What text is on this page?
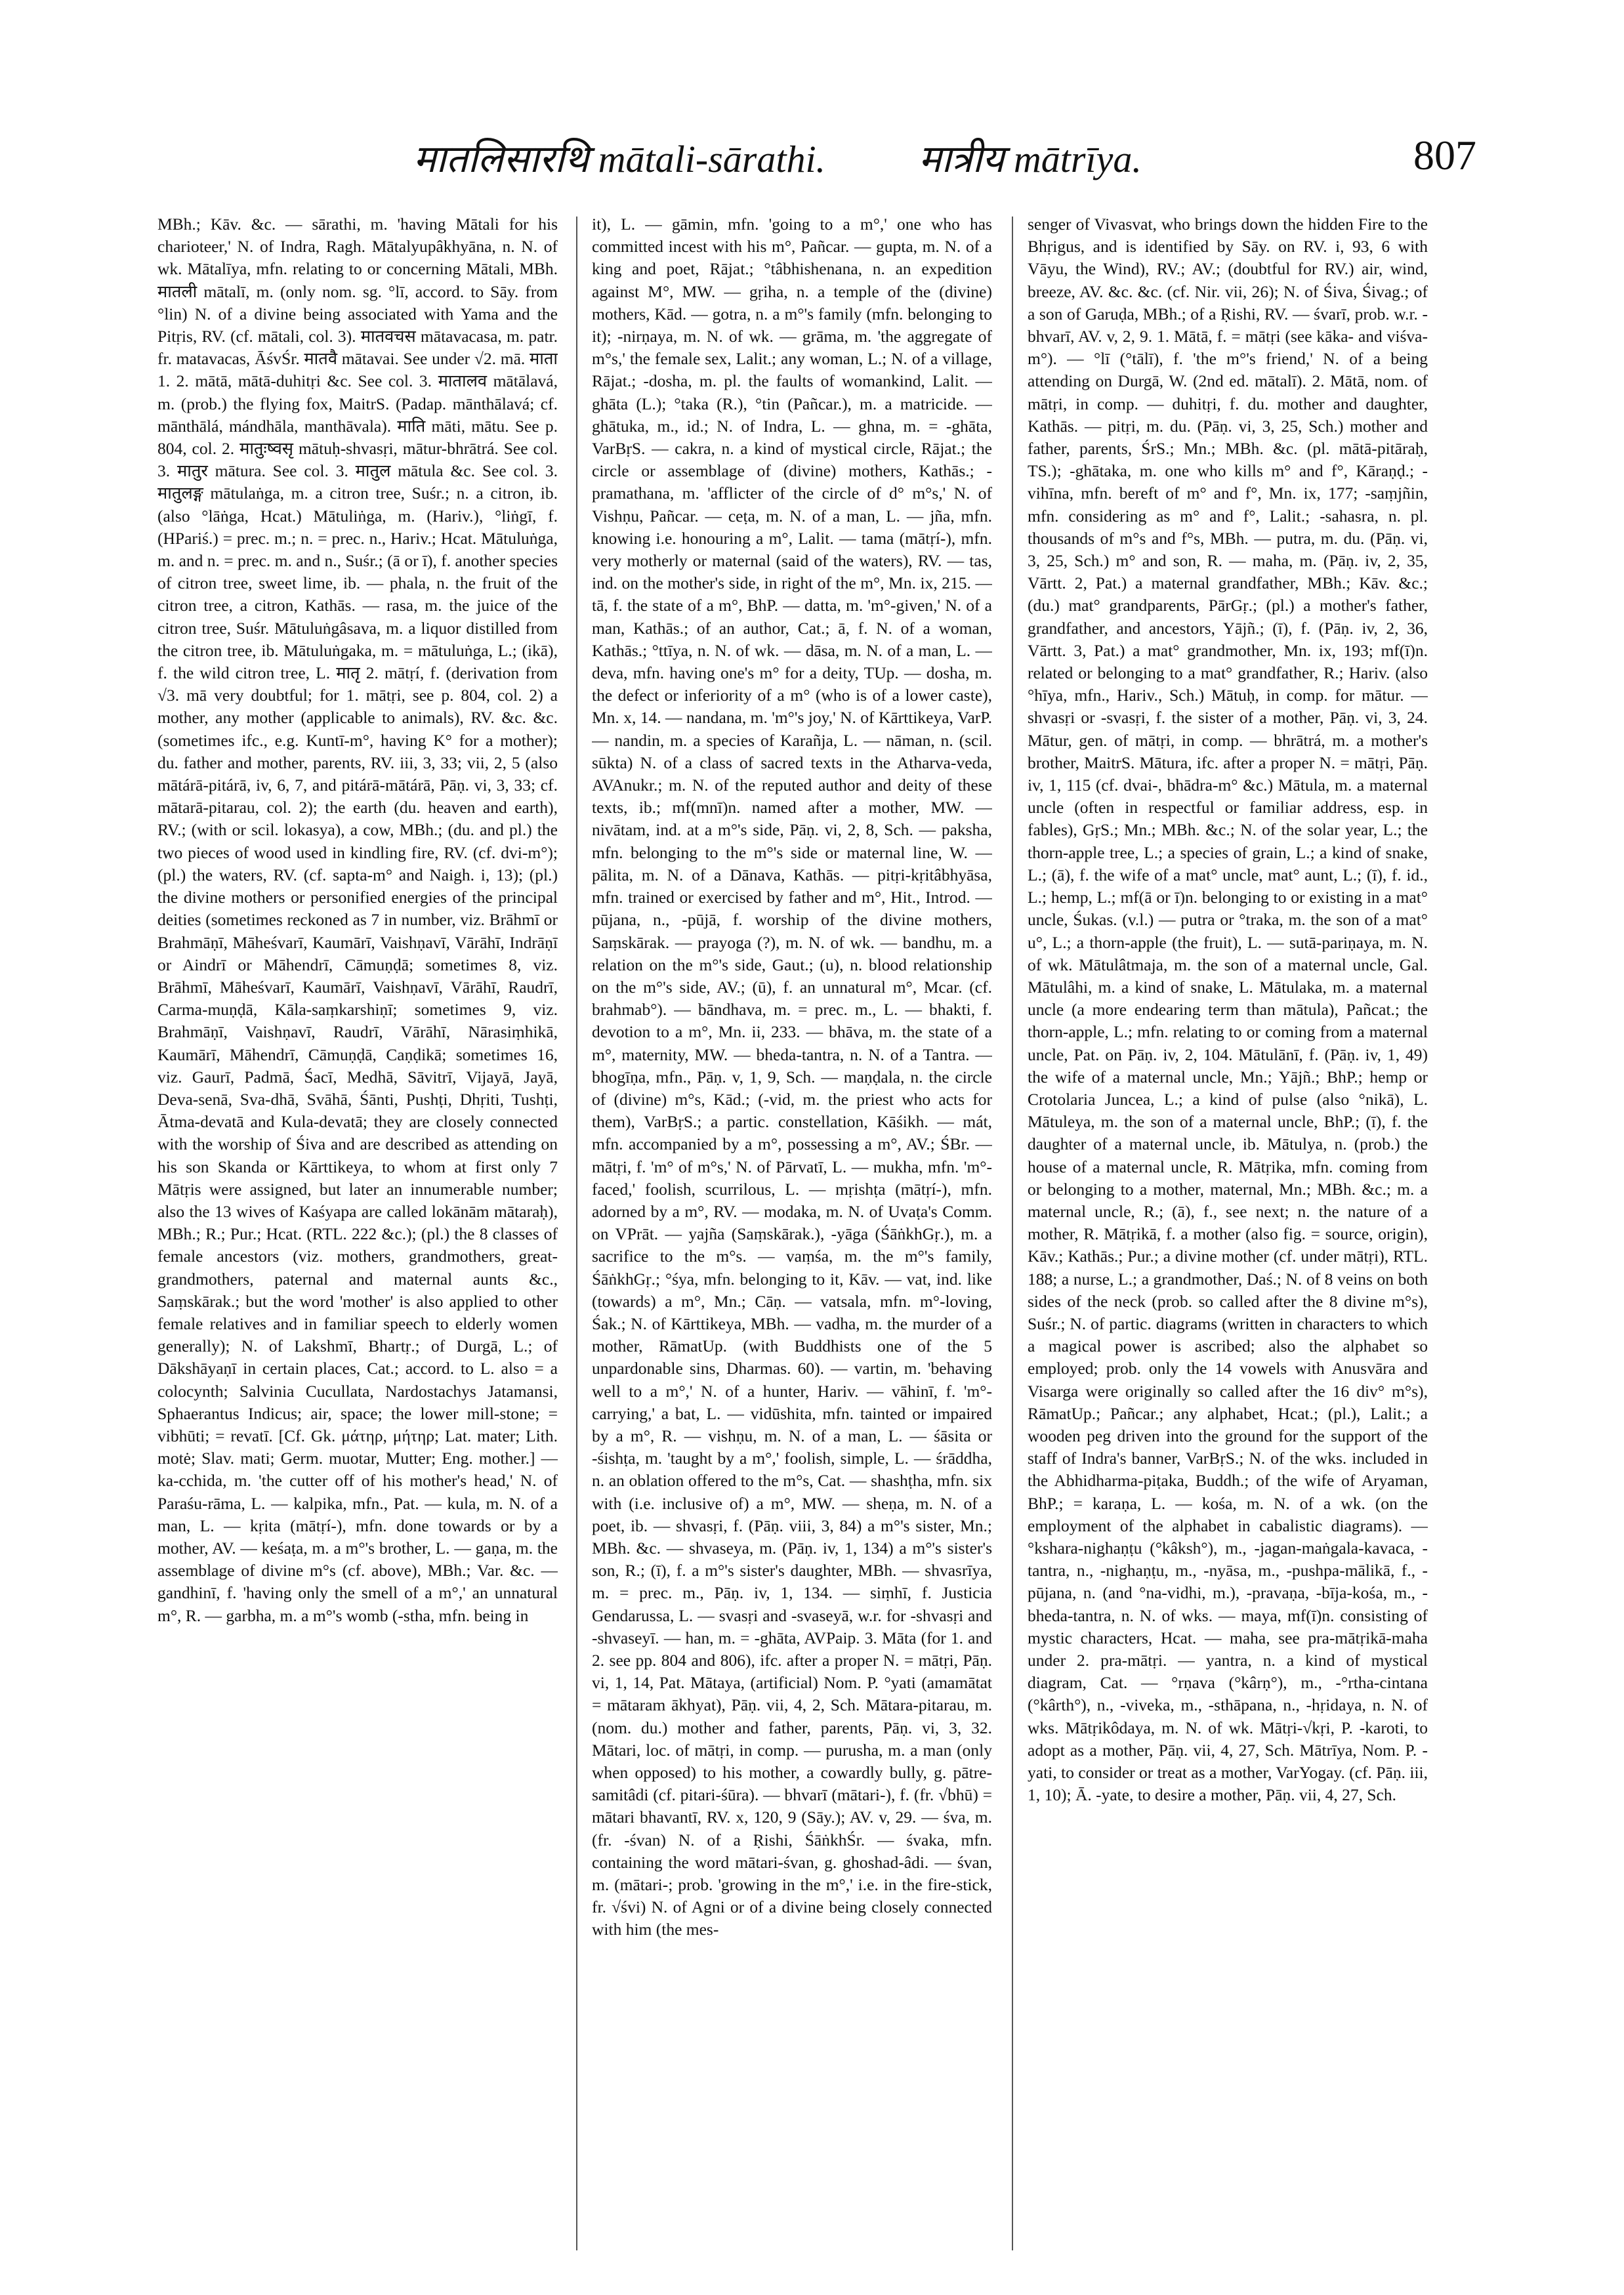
मातलिसारथि mātali-sārathi. मात्रीय mātrīya.	807

MBh.; Kāv. &c. — sārathi, m. 'having Mātali for his charioteer,' N. of Indra, Ragh. Mātalyupâkhyāna, n. N. of wk. Mātalīya, mfn. relating to or concerning Mātali, MBh. मातली mātalī, m. (only nom. sg. °lī, accord. to Sāy. from °lin) N. of a divine being associated with Yama and the Pitṛis, RV. (cf. mātali, col. 3). मातवचस mātavacasa, m. patr. fr. matavacas, ĀśvŚr. मातवै mātavai. See under √2. mā. माता 1. 2. mātā, mātā-duhitṛi &c. See col. 3. मातालव mātālavá, m. (prob.) the flying fox, MaitrS. (Padap. mānthālavá; cf. mānthālá, mándhāla, manthāvala). माति māti, mātu. See p. 804, col. 2. मातुःष्वसृ mātuḥ-shvasṛi, mātur-bhrātrá. See col. 3. मातुर mātura. See col. 3. मातुल mātula &c. See col. 3. मातुलङ्ग mātulaṅga, m. a citron tree, Suśr.; n. a citron, ib. (also °lāṅga, Hcat.) Mātuliṅga, m. (Hariv.), °liṅgī, f. (HPariś.) = prec. m.; n. = prec. n., Hariv.; Hcat. Mātuluṅga, m. and n. = prec. m. and n., Suśr.; (ā or ī), f. another species of citron tree, sweet lime, ib. — phala, n. the fruit of the citron tree, a citron, Kathās. — rasa, m. the juice of the citron tree, Suśr. Mātuluṅgâsava, m. a liquor distilled from the citron tree, ib. Mātuluṅgaka, m. = mātuluṅga, L.; (ikā), f. the wild citron tree, L. मातृ 2. mātṛí, f. (derivation from √3. mā very doubtful; for 1. mātṛi, see p. 804, col. 2) a mother, any mother (applicable to animals), RV. &c. &c. (sometimes ifc., e.g. Kuntī-m°, having K° for a mother); du. father and mother, parents, RV. iii, 3, 33; vii, 2, 5 (also mātárā-pitárā, iv, 6, 7, and pitárā-mātárā, Pāṇ. vi, 3, 33; cf. mātarā-pitarau, col. 2); the earth (du. heaven and earth), RV.; (with or scil. lokasya), a cow, MBh.; (du. and pl.) the two pieces of wood used in kindling fire, RV. (cf. dvi-m°); (pl.) the waters, RV. (cf. sapta-m° and Naigh. i, 13); (pl.) the divine mothers or personified energies of the principal deities (sometimes reckoned as 7 in number, viz. Brāhmī or Brahmāṇī, Māheśvarī, Kaumārī, Vaishṇavī, Vārāhī, Indrāṇī or Aindrī or Māhendrī, Cāmuṇḍā; sometimes 8, viz. Brāhmī, Māheśvarī, Kaumārī, Vaishṇavī, Vārāhī, Raudrī, Carma-muṇḍā, Kāla-saṃkarshiṇī; sometimes 9, viz. Brahmāṇī, Vaishṇavī, Raudrī, Vārāhī, Nārasiṃhikā, Kaumārī, Māhendrī, Cāmuṇḍā, Caṇḍikā; sometimes 16, viz. Gaurī, Padmā, Śacī, Medhā, Sāvitrī, Vijayā, Jayā, Deva-senā, Sva-dhā, Svāhā, Śānti, Pushṭi, Dhṛiti, Tushṭi, Ātma-devatā and Kula-devatā; they are closely connected with the worship of Śiva and are described as attending on his son Skanda or Kārttikeya, to whom at first only 7 Mātṛis were assigned, but later an innumerable number; also the 13 wives of Kaśyapa are called lokānām mātaraḥ), MBh.; R.; Pur.; Hcat. (RTL. 222 &c.); (pl.) the 8 classes of female ancestors (viz. mothers, grandmothers, great-grandmothers, paternal and maternal aunts &c., Saṃskārak.; but the word 'mother' is also applied to other female relatives and in familiar speech to elderly women generally); N. of Lakshmī, Bhartṛ.; of Durgā, L.; of Dākshāyaṇī in certain places, Cat.; accord. to L. also = a colocynth; Salvinia Cucullata, Nardostachys Jatamansi, Sphaerantus Indicus; air, space; the lower mill-stone; = vibhūti; = revatī. [Cf. Gk. μάτηρ, μήτηρ; Lat. mater; Lith. motė; Slav. mati; Germ. muotar, Mutter; Eng. mother.] — ka-cchida, m. 'the cutter off of his mother's head,' N. of Paraśu-rāma, L. — kalpika, mfn., Pat. — kula, m. N. of a man, L. — kṛita (mātṛí-), mfn. done towards or by a mother, AV. — keśaṭa, m. a m°'s brother, L. — gaṇa, m. the assemblage of divine m°s (cf. above), MBh.; Var. &c. — gandhinī, f. 'having only the smell of a m°,' an unnatural m°, R. — garbha, m. a m°'s womb (-stha, mfn. being in

it), L. — gāmin, mfn. 'going to a m°,' one who has committed incest with his m°, Pañcar. — gupta, m. N. of a king and poet, Rājat.; °tâbhishenana, n. an expedition against M°, MW. — gṛiha, n. a temple of the (divine) mothers, Kād. — gotra, n. a m°'s family (mfn. belonging to it); -nirṇaya, m. N. of wk. — grāma, m. 'the aggregate of m°s,' the female sex, Lalit.; any woman, L.; N. of a village, Rājat.; -dosha, m. pl. the faults of womankind, Lalit. — ghāta (L.); °taka (R.), °tin (Pañcar.), m. a matricide. — ghātuka, m., id.; N. of Indra, L. — ghna, m. = -ghāta, VarBṛS. — cakra, n. a kind of mystical circle, Rājat.; the circle or assemblage of (divine) mothers, Kathās.; -pramathana, m. 'afflicter of the circle of d° m°s,' N. of Vishṇu, Pañcar. — ceṭa, m. N. of a man, L. — jña, mfn. knowing i.e. honouring a m°, Lalit. — tama (mātṛí-), mfn. very motherly or maternal (said of the waters), RV. — tas, ind. on the mother's side, in right of the m°, Mn. ix, 215. — tā, f. the state of a m°, BhP. — datta, m. 'm°-given,' N. of a man, Kathās.; of an author, Cat.; ā, f. N. of a woman, Kathās.; °ttīya, n. N. of wk. — dāsa, m. N. of a man, L. — deva, mfn. having one's m° for a deity, TUp. — dosha, m. the defect or inferiority of a m° (who is of a lower caste), Mn. x, 14. — nandana, m. 'm°'s joy,' N. of Kārttikeya, VarP. — nandin, m. a species of Karañja, L. — nāman, n. (scil. sūkta) N. of a class of sacred texts in the Atharva-veda, AVAnukr.; m. N. of the reputed author and deity of these texts, ib.; mf(mnī)n. named after a mother, MW. — nivātam, ind. at a m°'s side, Pāṇ. vi, 2, 8, Sch. — paksha, mfn. belonging to the m°'s side or maternal line, W. — pālita, m. N. of a Dānava, Kathās. — pitṛi-kṛitâbhyāsa, mfn. trained or exercised by father and m°, Hit., Introd. — pūjana, n., -pūjā, f. worship of the divine mothers, Saṃskārak. — prayoga (?), m. N. of wk. — bandhu, m. a relation on the m°'s side, Gaut.; (u), n. blood relationship on the m°'s side, AV.; (ū), f. an unnatural m°, Mcar. (cf. brahmab°). — bāndhava, m. = prec. m., L. — bhakti, f. devotion to a m°, Mn. ii, 233. — bhāva, m. the state of a m°, maternity, MW. — bheda-tantra, n. N. of a Tantra. — bhogīṇa, mfn., Pāṇ. v, 1, 9, Sch. — maṇḍala, n. the circle of (divine) m°s, Kād.; (-vid, m. the priest who acts for them), VarBṛS.; a partic. constellation, Kāśikh. — mát, mfn. accompanied by a m°, possessing a m°, AV.; ŚBr. — mātṛi, f. 'm° of m°s,' N. of Pārvatī, L. — mukha, mfn. 'm°-faced,' foolish, scurrilous, L. — mṛishṭa (mātṛí-), mfn. adorned by a m°, RV. — modaka, m. N. of Uvaṭa's Comm. on VPrāt. — yajña (Saṃskārak.), -yāga (ŚāṅkhGṛ.), m. a sacrifice to the m°s. — vaṃśa, m. the m°'s family, ŚāṅkhGṛ.; °śya, mfn. belonging to it, Kāv. — vat, ind. like (towards) a m°, Mn.; Cāṇ. — vatsala, mfn. m°-loving, Śak.; N. of Kārttikeya, MBh. — vadha, m. the murder of a mother, RāmatUp. (with Buddhists one of the 5 unpardonable sins, Dharmas. 60). — vartin, m. 'behaving well to a m°,' N. of a hunter, Hariv. — vāhinī, f. 'm°-carrying,' a bat, L. — vidūshita, mfn. tainted or impaired by a m°, R. — vishṇu, m. N. of a man, L. — śāsita or -śishṭa, m. 'taught by a m°,' foolish, simple, L. — śrāddha, n. an oblation offered to the m°s, Cat. — shashṭha, mfn. six with (i.e. inclusive of) a m°, MW. — sheṇa, m. N. of a poet, ib. — shvasṛi, f. (Pāṇ. viii, 3, 84) a m°'s sister, Mn.; MBh. &c. — shvaseya, m. (Pāṇ. iv, 1, 134) a m°'s sister's son, R.; (ī), f. a m°'s sister's daughter, MBh. — shvasrīya, m. = prec. m., Pāṇ. iv, 1, 134. — siṃhī, f. Justicia Gendarussa, L. — svasṛi and -svaseyā, w.r. for -shvasṛi and -shvaseyī. — han, m. = -ghāta, AVPaip. 3. Māta (for 1. and 2. see pp. 804 and 806), ifc. after a proper N. = mātṛi, Pāṇ. vi, 1, 14, Pat. Mātaya, (artificial) Nom. P. °yati (amamātat = mātaram ākhyat), Pāṇ. vii, 4, 2, Sch. Mātara-pitarau, m. (nom. du.) mother and father, parents, Pāṇ. vi, 3, 32. Mātari, loc. of mātṛi, in comp. — purusha, m. a man (only when opposed) to his mother, a cowardly bully, g. pātre-samitâdi (cf. pitari-śūra). — bhvarī (mātari-), f. (fr. √bhū) = mātari bhavantī, RV. x, 120, 9 (Sāy.); AV. v, 29. — śva, m. (fr. -śvan) N. of a Ṛishi, ŚāṅkhŚr. — śvaka, mfn. containing the word mātari-śvan, g. ghoshad-âdi. — śvan, m. (mātari-; prob. 'growing in the m°,' i.e. in the fire-stick, fr. √śvi) N. of Agni or of a divine being closely connected with him (the mes-

senger of Vivasvat, who brings down the hidden Fire to the Bhṛigus, and is identified by Sāy. on RV. i, 93, 6 with Vāyu, the Wind), RV.; AV.; (doubtful for RV.) air, wind, breeze, AV. &c. &c. (cf. Nir. vii, 26); N. of Śiva, Śivag.; of a son of Garuḍa, MBh.; of a Ṛishi, RV. — śvarī, prob. w.r. -bhvarī, AV. v, 2, 9. 1. Mātā, f. = mātṛi (see kāka- and viśva-m°). — °lī (°tālī), f. 'the m°'s friend,' N. of a being attending on Durgā, W. (2nd ed. mātalī). 2. Mātā, nom. of mātṛi, in comp. — duhitṛi, f. du. mother and daughter, Kathās. — pitṛi, m. du. (Pāṇ. vi, 3, 25, Sch.) mother and father, parents, ŚrS.; Mn.; MBh. &c. (pl. mātā-pitāraḥ, TS.); -ghātaka, m. one who kills m° and f°, Kāraṇḍ.; -vihīna, mfn. bereft of m° and f°, Mn. ix, 177; -saṃjñin, mfn. considering as m° and f°, Lalit.; -sahasra, n. pl. thousands of m°s and f°s, MBh. — putra, m. du. (Pāṇ. vi, 3, 25, Sch.) m° and son, R. — maha, m. (Pāṇ. iv, 2, 35, Vārtt. 2, Pat.) a maternal grandfather, MBh.; Kāv. &c.; (du.) mat° grandparents, PārGṛ.; (pl.) a mother's father, grandfather, and ancestors, Yājñ.; (ī), f. (Pāṇ. iv, 2, 36, Vārtt. 3, Pat.) a mat° grandmother, Mn. ix, 193; mf(ī)n. related or belonging to a mat° grandfather, R.; Hariv. (also °hīya, mfn., Hariv., Sch.) Mātuḥ, in comp. for mātur. — shvasṛi or -svasṛi, f. the sister of a mother, Pāṇ. vi, 3, 24. Mātur, gen. of mātṛi, in comp. — bhrātrá, m. a mother's brother, MaitrS. Mātura, ifc. after a proper N. = mātṛi, Pāṇ. iv, 1, 115 (cf. dvai-, bhādra-m° &c.) Mātula, m. a maternal uncle (often in respectful or familiar address, esp. in fables), GṛS.; Mn.; MBh. &c.; N. of the solar year, L.; the thorn-apple tree, L.; a species of grain, L.; a kind of snake, L.; (ā), f. the wife of a mat° uncle, mat° aunt, L.; (ī), f. id., L.; hemp, L.; mf(ā or ī)n. belonging to or existing in a mat° uncle, Śukas. (v.l.) — putra or °traka, m. the son of a mat° u°, L.; a thorn-apple (the fruit), L. — sutā-pariṇaya, m. N. of wk. Mātulâtmaja, m. the son of a maternal uncle, Gal. Mātulâhi, m. a kind of snake, L. Mātulaka, m. a maternal uncle (a more endearing term than mātula), Pañcat.; the thorn-apple, L.; mfn. relating to or coming from a maternal uncle, Pat. on Pāṇ. iv, 2, 104. Mātulānī, f. (Pāṇ. iv, 1, 49) the wife of a maternal uncle, Mn.; Yājñ.; BhP.; hemp or Crotolaria Juncea, L.; a kind of pulse (also °nikā), L. Mātuleya, m. the son of a maternal uncle, BhP.; (ī), f. the daughter of a maternal uncle, ib. Mātulya, n. (prob.) the house of a maternal uncle, R. Mātṛika, mfn. coming from or belonging to a mother, maternal, Mn.; MBh. &c.; m. a maternal uncle, R.; (ā), f., see next; n. the nature of a mother, R. Mātṛikā, f. a mother (also fig. = source, origin), Kāv.; Kathās.; Pur.; a divine mother (cf. under mātṛi), RTL. 188; a nurse, L.; a grandmother, Daś.; N. of 8 veins on both sides of the neck (prob. so called after the 8 divine m°s), Suśr.; N. of partic. diagrams (written in characters to which a magical power is ascribed; also the alphabet so employed; prob. only the 14 vowels with Anusvāra and Visarga were originally so called after the 16 div° m°s), RāmatUp.; Pañcar.; any alphabet, Hcat.; (pl.), Lalit.; a wooden peg driven into the ground for the support of the staff of Indra's banner, VarBṛS.; N. of the wks. included in the Abhidharma-piṭaka, Buddh.; of the wife of Aryaman, BhP.; = karaṇa, L. — kośa, m. N. of a wk. (on the employment of the alphabet in cabalistic diagrams). — °kshara-nighaṇṭu (°kâksh°), m., -jagan-maṅgala-kavaca, -tantra, n., -nighaṇṭu, m., -nyāsa, m., -pushpa-mālikā, f., -pūjana, n. (and °na-vidhi, m.), -pravaṇa, -bīja-kośa, m., -bheda-tantra, n. N. of wks. — maya, mf(ī)n. consisting of mystic characters, Hcat. — maha, see pra-mātṛikā-maha under 2. pra-mātṛi. — yantra, n. a kind of mystical diagram, Cat. — °rṇava (°kârṇ°), m., -°rtha-cintana (°kârth°), n., -viveka, m., -sthāpana, n., -hṛidaya, n. N. of wks. Mātṛikôdaya, m. N. of wk. Mātṛi-√kṛi, P. -karoti, to adopt as a mother, Pāṇ. vii, 4, 27, Sch. Mātrīya, Nom. P. -yati, to consider or treat as a mother, VarYogay. (cf. Pāṇ. iii, 1, 10); Ā. -yate, to desire a mother, Pāṇ. vii, 4, 27, Sch.
